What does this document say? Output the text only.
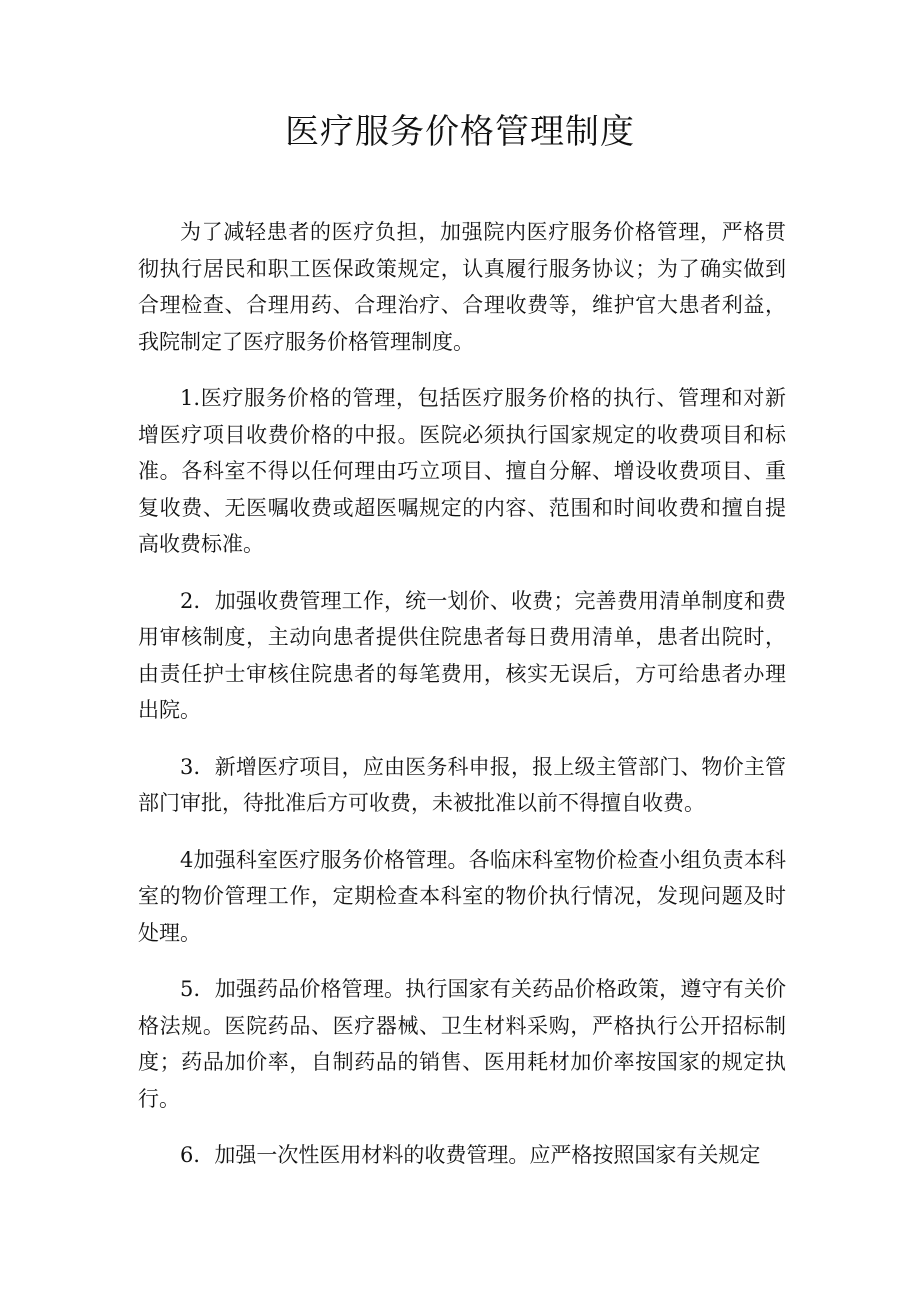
医疗服务价格管理制度

为了减轻患者的医疗负担，加强院内医疗服务价格管理，严格贯彻执行居民和职工医保政策规定，认真履行服务协议；为了确实做到合理检查、合理用药、合理治疗、合理收费等，维护官大患者利益，我院制定了医疗服务价格管理制度。

1.医疗服务价格的管理，包括医疗服务价格的执行、管理和对新增医疗项目收费价格的中报。医院必须执行国家规定的收费项目和标准。各科室不得以任何理由巧立项目、擅自分解、增设收费项目、重复收费、无医嘱收费或超医嘱规定的内容、范围和时间收费和擅自提高收费标准。

2．加强收费管理工作，统一划价、收费；完善费用清单制度和费用审核制度，主动向患者提供住院患者每日费用清单，患者出院时，由责任护士审核住院患者的每笔费用，核实无误后，方可给患者办理出院。

3．新增医疗项目，应由医务科申报，报上级主管部门、物价主管部门审批，待批准后方可收费，未被批准以前不得擅自收费。

4加强科室医疗服务价格管理。各临床科室物价检查小组负责本科室的物价管理工作，定期检查本科室的物价执行情况，发现问题及时处理。

5．加强药品价格管理。执行国家有关药品价格政策，遵守有关价格法规。医院药品、医疗器械、卫生材料采购，严格执行公开招标制度；药品加价率，自制药品的销售、医用耗材加价率按国家的规定执行。

6．加强一次性医用材料的收费管理。应严格按照国家有关规定
